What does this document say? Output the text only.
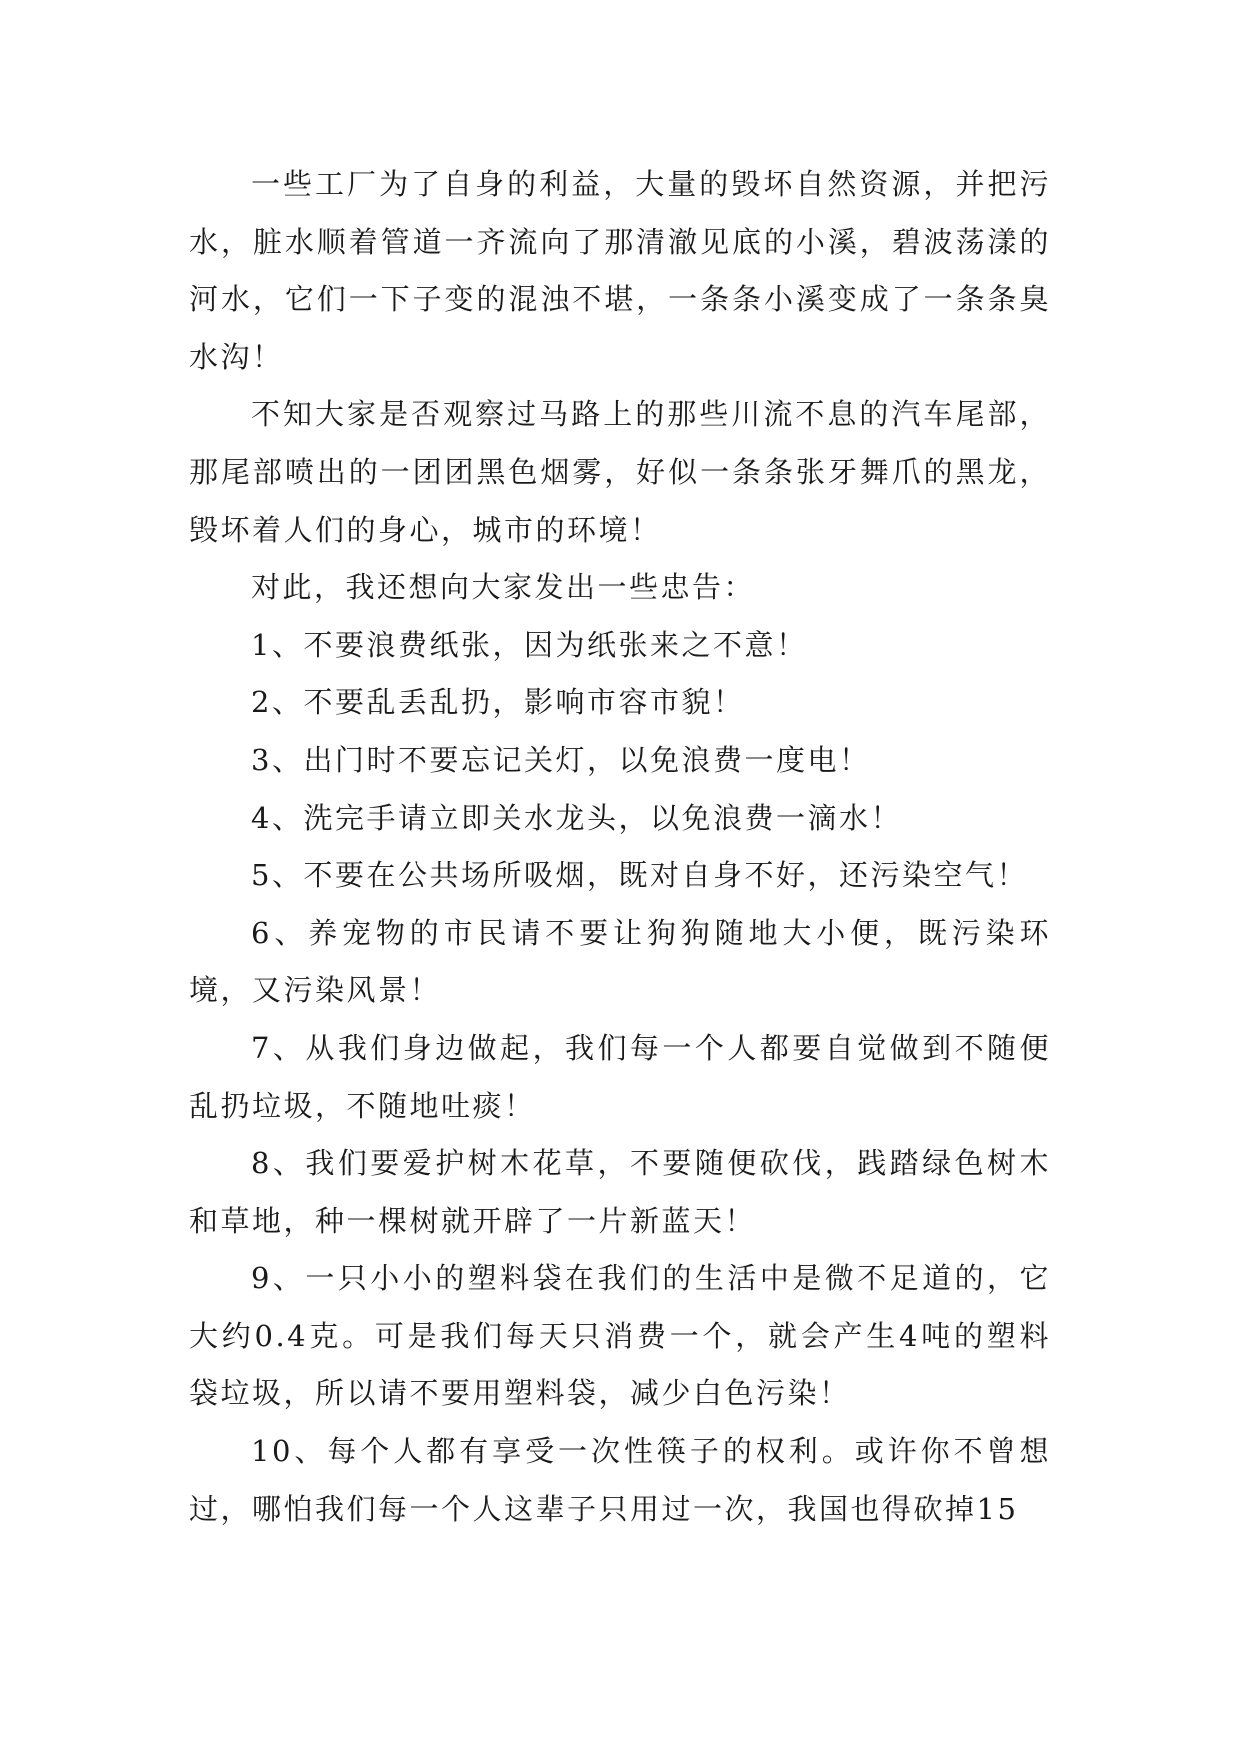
一些工厂为了自身的利益，大量的毁坏自然资源，并把污水，脏水顺着管道一齐流向了那清澈见底的小溪，碧波荡漾的河水，它们一下子变的混浊不堪，一条条小溪变成了一条条臭水沟！

不知大家是否观察过马路上的那些川流不息的汽车尾部，那尾部喷出的一团团黑色烟雾，好似一条条张牙舞爪的黑龙，毁坏着人们的身心，城市的环境！

对此，我还想向大家发出一些忠告：

1、不要浪费纸张，因为纸张来之不意！

2、不要乱丢乱扔，影响市容市貌！

3、出门时不要忘记关灯，以免浪费一度电！

4、洗完手请立即关水龙头，以免浪费一滴水！

5、不要在公共场所吸烟，既对自身不好，还污染空气！

6、养宠物的市民请不要让狗狗随地大小便，既污染环境，又污染风景！

7、从我们身边做起，我们每一个人都要自觉做到不随便乱扔垃圾，不随地吐痰！

8、我们要爱护树木花草，不要随便砍伐，践踏绿色树木和草地，种一棵树就开辟了一片新蓝天！

9、一只小小的塑料袋在我们的生活中是微不足道的，它大约0.4克。可是我们每天只消费一个，就会产生4吨的塑料袋垃圾，所以请不要用塑料袋，减少白色污染！

10、每个人都有享受一次性筷子的权利。或许你不曾想过，哪怕我们每一个人这辈子只用过一次，我国也得砍掉15
